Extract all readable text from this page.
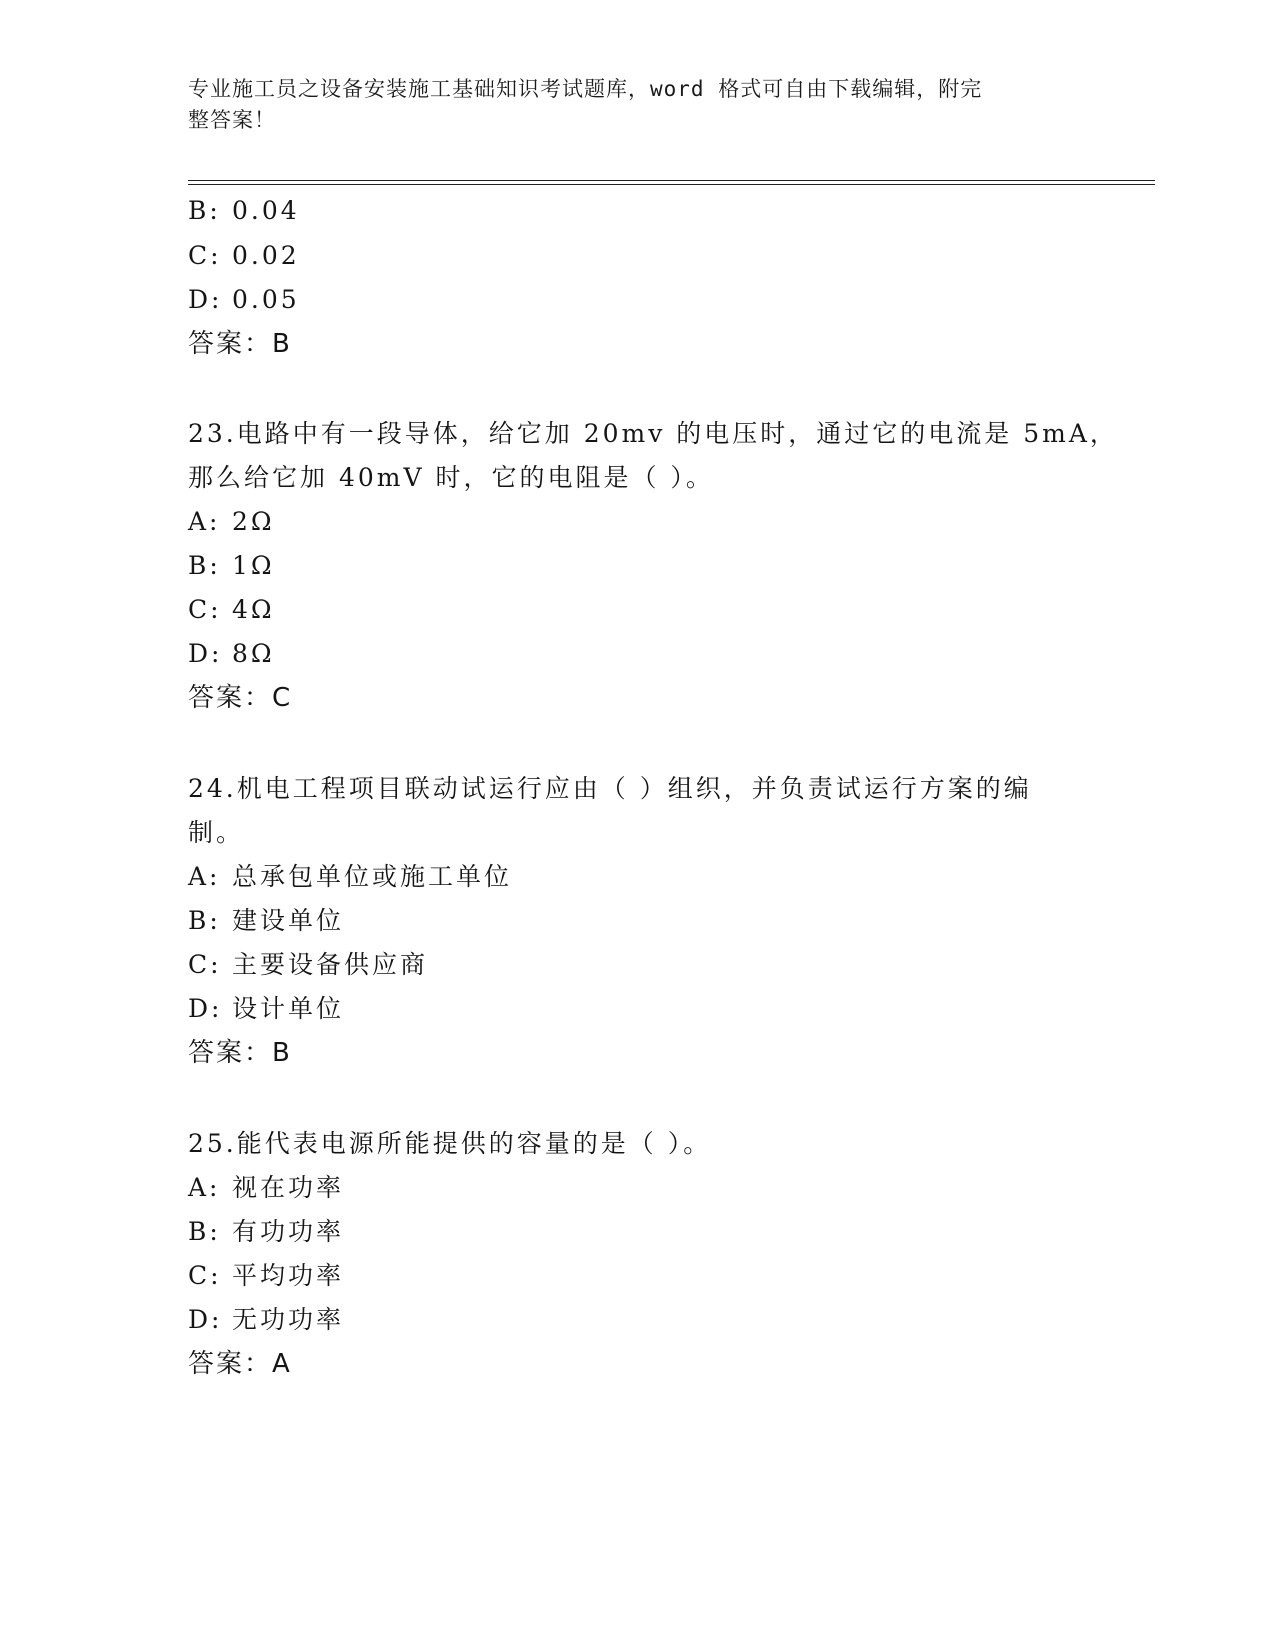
专业施工员之设备安装施工基础知识考试题库，word 格式可自由下载编辑，附完
整答案！
B: 0.04
C: 0.02
D: 0.05
答案：B
23.电路中有一段导体，给它加 20mv 的电压时，通过它的电流是 5mA，
那么给它加 40mV 时，它的电阻是（ ）。
A: 2Ω
B: 1Ω
C: 4Ω
D: 8Ω
答案：C
24.机电工程项目联动试运行应由（ ）组织，并负责试运行方案的编
制。
A: 总承包单位或施工单位
B: 建设单位
C: 主要设备供应商
D: 设计单位
答案：B
25.能代表电源所能提供的容量的是（ ）。
A: 视在功率
B: 有功功率
C: 平均功率
D: 无功功率
答案：A
